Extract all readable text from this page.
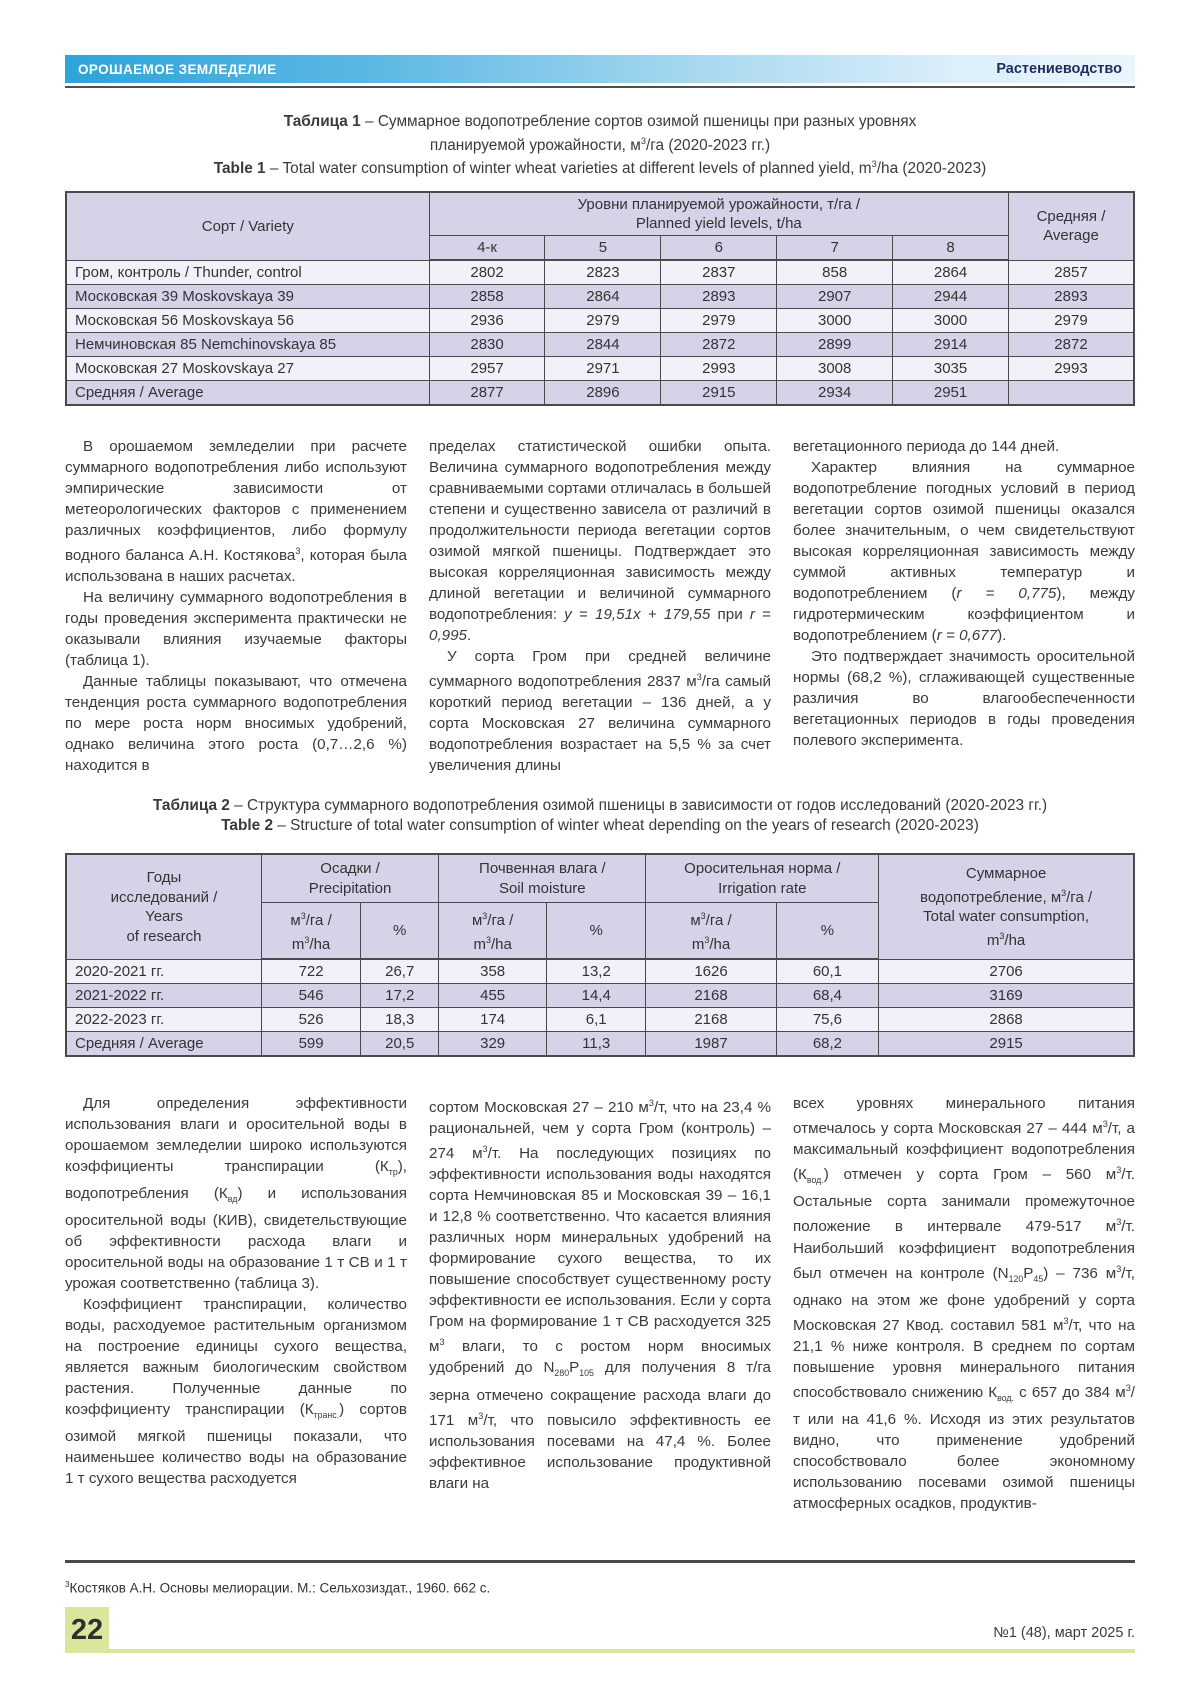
ОРОШАЕМОЕ ЗЕМЛЕДЕЛИЕ	Растениеводство
Таблица 1 – Суммарное водопотребление сортов озимой пшеницы при разных уровнях
планируемой урожайности, $м^3/га$ (2020-2023 гг.)
Table 1 – Total water consumption of winter wheat varieties at different levels of planned yield, $m^3/ha$ (2020-2023)
Сорт / Variety	Уровни планируемой урожайности, т/га /
Planned yield levels, t/ha					Средняя /
Average
	4-к	5	6	7	8	
Гром, контроль / Thunder, control	2802	2823	2837	858	2864	2857
Московская 39 Moskovskaya 39	2858	2864	2893	2907	2944	2893
Московская 56 Moskovskaya 56	2936	2979	2979	3000	3000	2979
Немчиновская 85 Nemchinovskaya 85	2830	2844	2872	2899	2914	2872
Московская 27 Moskovskaya 27	2957	2971	2993	3008	3035	2993
Средняя / Average	2877	2896	2915	2934	2951	

В орошаемом земледелии при расчете суммарного водопотребления либо используют эмпирические зависимости от метеорологических факторов с применением различных коэффициентов, либо формулу водного баланса А.Н. Костякова$^3$, которая была использована в наших расчетах.

На величину суммарного водопотребления в годы проведения эксперимента практически не оказывали влияния изучаемые факторы (таблица 1).

Данные таблицы показывают, что отмечена тенденция роста суммарного водопотребления по мере роста норм вносимых удобрений, однако величина этого роста (0,7…2,6 %) находится в

пределах статистической ошибки опыта. Величина суммарного водопотребления между сравниваемыми сортами отличалась в большей степени и существенно зависела от различий в продолжительности периода вегетации сортов озимой мягкой пшеницы. Подтверждает это высокая корреляционная зависимость между длиной вегетации и величиной суммарного водопотребления: y = 19,51x + 179,55 при r = 0,995.

У сорта Гром при средней величине суммарного водопотребления 2837 $м^3/га$ самый короткий период вегетации – 136 дней, а у сорта Московская 27 величина суммарного водопотребления возрастает на 5,5 % за счет увеличения длины

вегетационного периода до 144 дней.

Характер влияния на суммарное водопотребление погодных условий в период вегетации сортов озимой пшеницы оказался более значительным, о чем свидетельствуют высокая корреляционная зависимость между суммой активных температур и водопотреблением (r = 0,775), между гидротермическим коэффициентом и водопотреблением (r = 0,677).

Это подтверждает значимость оросительной нормы (68,2 %), сглаживающей существенные различия во влагообеспеченности вегетационных периодов в годы проведения полевого эксперимента.

Таблица 2 – Структура суммарного водопотребления озимой пшеницы в зависимости от годов исследований (2020-2023 гг.)
Table 2 – Structure of total water consumption of winter wheat depending on the years of research (2020-2023)
Годы
исследований /
Years
of research	Осадки /
Precipitation		Почвенная влага /
Soil moisture		Оросительная норма /
Irrigation rate		Суммарное
водопотребление, $м^3/га$ /
Total water consumption,
$m^3/ha$
	$м^3/га$ /
$m^3/ha$	%	$м^3/га$ /
$m^3/ha$	%	$м^3/га$ /
$m^3/ha$	%	
2020-2021 гг.	722	26,7	358	13,2	1626	60,1	2706
2021-2022 гг.	546	17,2	455	14,4	2168	68,4	3169
2022-2023 гг.	526	18,3	174	6,1	2168	75,6	2868
Средняя / Average	599	20,5	329	11,3	1987	68,2	2915

Для определения эффективности использования влаги и оросительной воды в орошаемом земледелии широко используются коэффициенты транспирации $(К_{тр})$, водопотребления $(К_{вд})$ и использования оросительной воды (КИВ), свидетельствующие об эффективности расхода влаги и оросительной воды на образование 1 т СВ и 1 т урожая соответственно (таблица 3).

Коэффициент транспирации, количество воды, расходуемое растительным организмом на построение единицы сухого вещества, является важным биологическим свойством растения. Полученные данные по коэффициенту транспирации $(К_{транс.})$ сортов озимой мягкой пшеницы показали, что наименьшее количество воды на образование 1 т сухого вещества расходуется

сортом Московская 27 – 210 $м^3/т$, что на 23,4 % рациональней, чем у сорта Гром (контроль) – 274 $м^3/т$. На последующих позициях по эффективности использования воды находятся сорта Немчиновская 85 и Московская 39 – 16,1 и 12,8 % соответственно. Что касается влияния различных норм минеральных удобрений на формирование сухого вещества, то их повышение способствует существенному росту эффективности ее использования. Если у сорта Гром на формирование 1 т СВ расходуется 325 $м^3$ влаги, то с ростом норм вносимых удобрений до $N_{280}P_{105}$ для получения 8 т/га зерна отмечено сокращение расхода влаги до 171 $м^3/т$, что повысило эффективность ее использования посевами на 47,4 %. Более эффективное использование продуктивной влаги на

всех уровнях минерального питания отмечалось у сорта Московская 27 – 444 $м^3/т$, а максимальный коэффициент водопотребления $(К_{вод.})$ отмечен у сорта Гром – 560 $м^3/т$. Остальные сорта занимали промежуточное положение в интервале 479-517 $м^3/т$. Наибольший коэффициент водопотребления был отмечен на контроле $(N_{120}P_{45}) - 736$ $м^3/т$, однако на этом же фоне удобрений у сорта Московская 27 Квод. составил 581 $м^3/т$, что на 21,1 % ниже контроля. В среднем по сортам повышение уровня минерального питания способствовало снижению $К_{вод.}$ с 657 до 384 $м^3/т$ или на 41,6 %. Исходя из этих результатов видно, что применение удобрений способствовало более экономному использованию посевами озимой пшеницы атмосферных осадков, продуктив-

$^3$Костяков А.Н. Основы мелиорации. М.: Сельхозиздат., 1960. 662 с.
22	№1 (48), март 2025 г.
